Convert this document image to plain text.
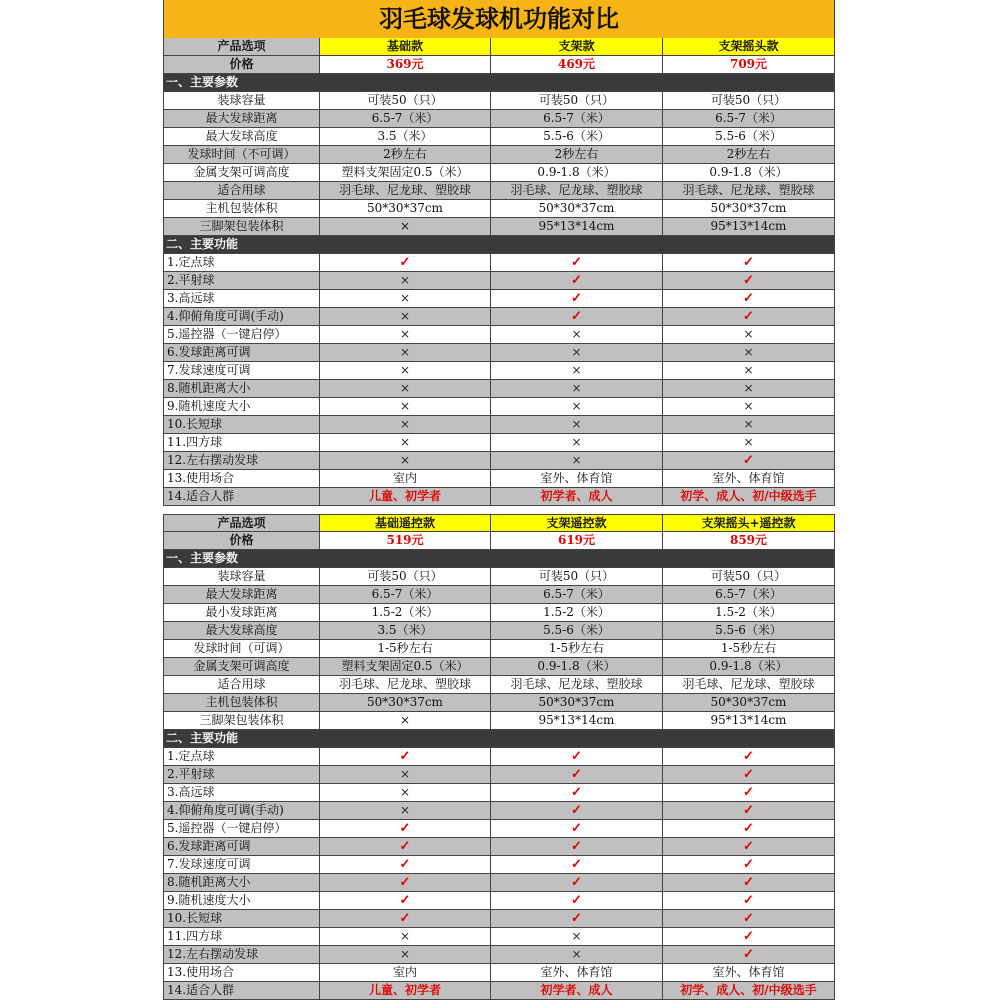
羽毛球发球机功能对比
产品选项	基础款	支架款	支架摇头款
价格	369元	469元	709元
一、主要参数
装球容量	可装50（只）	可装50（只）	可装50（只）
最大发球距离	6.5-7（米）	6.5-7（米）	6.5-7（米）
最大发球高度	3.5（米）	5.5-6（米）	5.5-6（米）
发球时间（不可调）	2秒左右	2秒左右	2秒左右
金属支架可调高度	塑料支架固定0.5（米）	0.9-1.8（米）	0.9-1.8（米）
适合用球	羽毛球、尼龙球、塑胶球	羽毛球、尼龙球、塑胶球	羽毛球、尼龙球、塑胶球
主机包装体积	50*30*37cm	50*30*37cm	50*30*37cm
三脚架包装体积	×	95*13*14cm	95*13*14cm
二、主要功能
1.定点球	✓	✓	✓
2.平射球	×	✓	✓
3.高远球	×	✓	✓
4.仰俯角度可调(手动)	×	✓	✓
5.遥控器（一键启停）	×	×	×
6.发球距离可调	×	×	×
7.发球速度可调	×	×	×
8.随机距离大小	×	×	×
9.随机速度大小	×	×	×
10.长短球	×	×	×
11.四方球	×	×	×
12.左右摆动发球	×	×	✓
13.使用场合	室内	室外、体育馆	室外、体育馆
14.适合人群	儿童、初学者	初学者、成人	初学、成人、初/中级选手
产品选项	基础遥控款	支架遥控款	支架摇头+遥控款
价格	519元	619元	859元
一、主要参数
装球容量	可装50（只）	可装50（只）	可装50（只）
最大发球距离	6.5-7（米）	6.5-7（米）	6.5-7（米）
最小发球距离	1.5-2（米）	1.5-2（米）	1.5-2（米）
最大发球高度	3.5（米）	5.5-6（米）	5.5-6（米）
发球时间（可调）	1-5秒左右	1-5秒左右	1-5秒左右
金属支架可调高度	塑料支架固定0.5（米）	0.9-1.8（米）	0.9-1.8（米）
适合用球	羽毛球、尼龙球、塑胶球	羽毛球、尼龙球、塑胶球	羽毛球、尼龙球、塑胶球
主机包装体积	50*30*37cm	50*30*37cm	50*30*37cm
三脚架包装体积	×	95*13*14cm	95*13*14cm
二、主要功能
1.定点球	✓	✓	✓
2.平射球	×	✓	✓
3.高远球	×	✓	✓
4.仰俯角度可调(手动)	×	✓	✓
5.遥控器（一键启停）	✓	✓	✓
6.发球距离可调	✓	✓	✓
7.发球速度可调	✓	✓	✓
8.随机距离大小	✓	✓	✓
9.随机速度大小	✓	✓	✓
10.长短球	✓	✓	✓
11.四方球	×	×	✓
12.左右摆动发球	×	×	✓
13.使用场合	室内	室外、体育馆	室外、体育馆
14.适合人群	儿童、初学者	初学者、成人	初学、成人、初/中级选手
